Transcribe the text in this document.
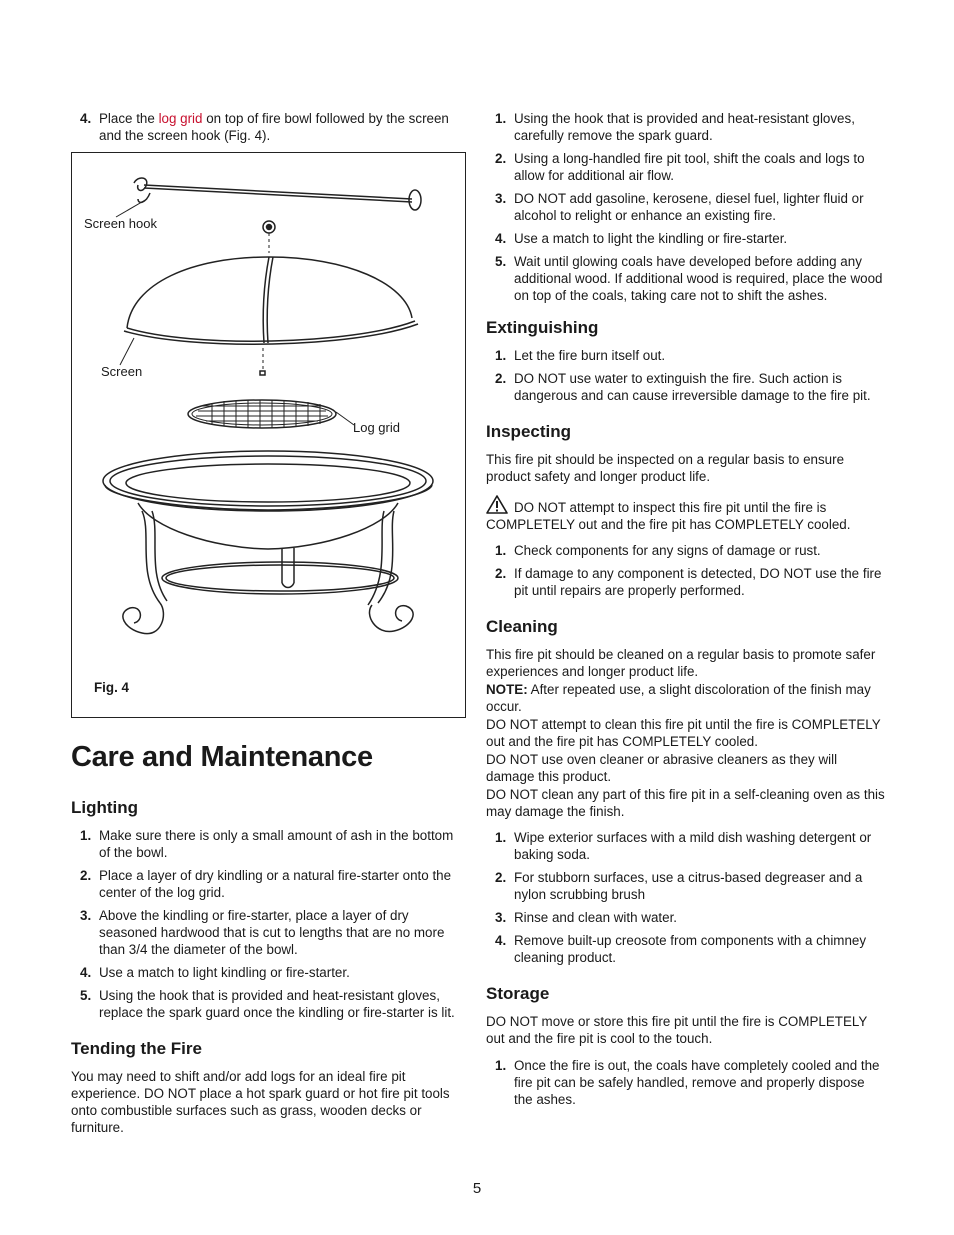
4. Place the log grid on top of fire bowl followed by the screen and the screen hook (Fig. 4).
Screen hook
Screen
Log grid
Fig. 4
Care and Maintenance
Lighting
1. Make sure there is only a small amount of ash in the bottom of the bowl.
2. Place a layer of dry kindling or a natural fire-starter onto the center of the log grid.
3. Above the kindling or fire-starter, place a layer of dry seasoned hardwood that is cut to lengths that are no more than 3/4 the diameter of the bowl.
4. Use a match to light kindling or fire-starter.
5. Using the hook that is provided and heat-resistant gloves, replace the spark guard once the kindling or fire-starter is lit.
Tending the Fire

You may need to shift and/or add logs for an ideal fire pit experience. DO NOT place a hot spark guard or hot fire pit tools onto combustible surfaces such as grass, wooden decks or furniture.

1. Using the hook that is provided and heat-resistant gloves, carefully remove the spark guard.
2. Using a long-handled fire pit tool, shift the coals and logs to allow for additional air flow.
3. DO NOT add gasoline, kerosene, diesel fuel, lighter fluid or alcohol to relight or enhance an existing fire.
4. Use a match to light the kindling or fire-starter.
5. Wait until glowing coals have developed before adding any additional wood. If additional wood is required, place the wood on top of the coals, taking care not to shift the ashes.
Extinguishing
1. Let the fire burn itself out.
2. DO NOT use water to extinguish the fire. Such action is dangerous and can cause irreversible damage to the fire pit.
Inspecting

This fire pit should be inspected on a regular basis to ensure product safety and longer product life.

DO NOT attempt to inspect this fire pit until the fire is COMPLETELY out and the fire pit has COMPLETELY cooled.
1. Check components for any signs of damage or rust.
2. If damage to any component is detected, DO NOT use the fire pit until repairs are properly performed.
Cleaning

This fire pit should be cleaned on a regular basis to promote safer experiences and longer product life.

NOTE: After repeated use, a slight discoloration of the finish may occur.

DO NOT attempt to clean this fire pit until the fire is COMPLETELY out and the fire pit has COMPLETELY cooled.

DO NOT use oven cleaner or abrasive cleaners as they will damage this product.

DO NOT clean any part of this fire pit in a self-cleaning oven as this may damage the finish.

1. Wipe exterior surfaces with a mild dish washing detergent or baking soda.
2. For stubborn surfaces, use a citrus-based degreaser and a nylon scrubbing brush
3. Rinse and clean with water.
4. Remove built-up creosote from components with a chimney cleaning product.
Storage

DO NOT move or store this fire pit until the fire is COMPLETELY out and the fire pit is cool to the touch.

1. Once the fire is out, the coals have completely cooled and the fire pit can be safely handled, remove and properly dispose the ashes.
5
